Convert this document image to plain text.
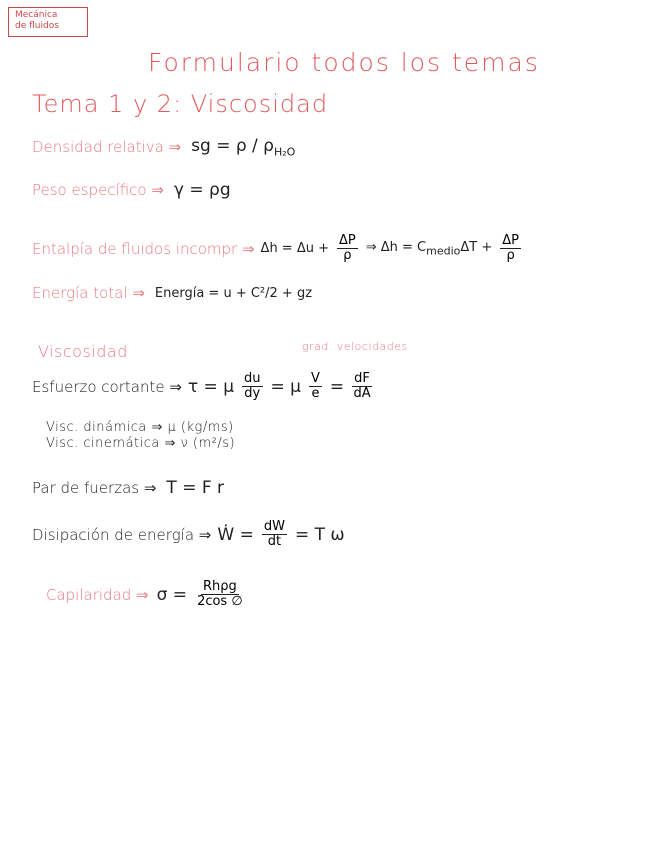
Mecánica
de fluidos
Formulario todos los temas
Tema 1 y 2: Viscosidad
Densidad relativa ⇒ sg = ρ / $\rho_{H_2O}$
Peso específico ⇒ γ = ρg
Entalpía de fluidos incompr ⇒ $\Delta h = \Delta u + \frac{\Delta P}{\rho}$ ⇒ $\Delta h = C_{medio}\Delta T + \frac{\Delta P}{\rho}$
Energía total ⇒ Energía = u + C²/2 + gz
Viscosidad	grad. velocidades
Esfuerzo cortante ⇒ τ = μ $\frac{du}{dy} = \mu \frac{V}{e} = \frac{dF}{dA}$
Visc. dinámica ⇒ μ (kg/ms)
Visc. cinemática ⇒ ν (m²/s)
Par de fuerzas ⇒ T = F r
Disipación de energía ⇒ Ẇ = $\frac{dW}{dt} = T$ ω
Capilaridad ⇒ $\sigma = \frac{\text{Rhρg}}{2\cos \emptyset}$
